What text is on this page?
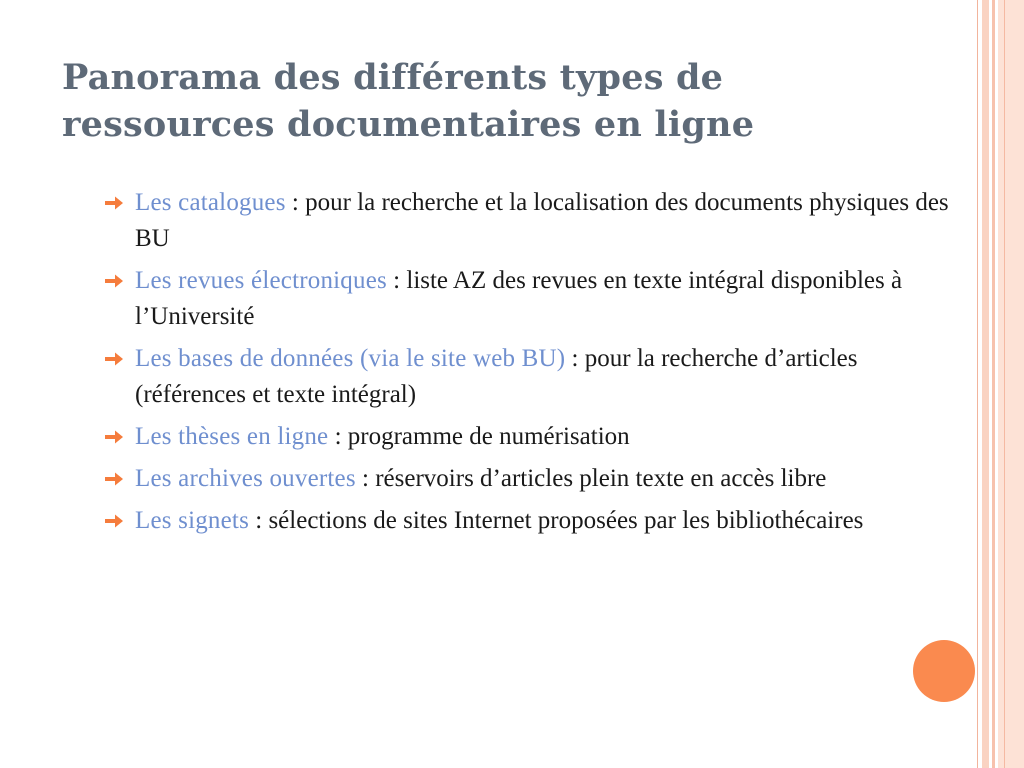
Panorama des différents types de
ressources documentaires en ligne
Les catalogues : pour la recherche et la localisation des documents physiques des BU
Les revues électroniques : liste AZ des revues en texte intégral disponibles à l’Université
Les bases de données (via le site web BU) : pour la recherche d’articles (références et texte intégral)
Les thèses en ligne : programme de numérisation
Les archives ouvertes : réservoirs d’articles plein texte en accès libre
Les signets : sélections de sites Internet proposées par les bibliothécaires
